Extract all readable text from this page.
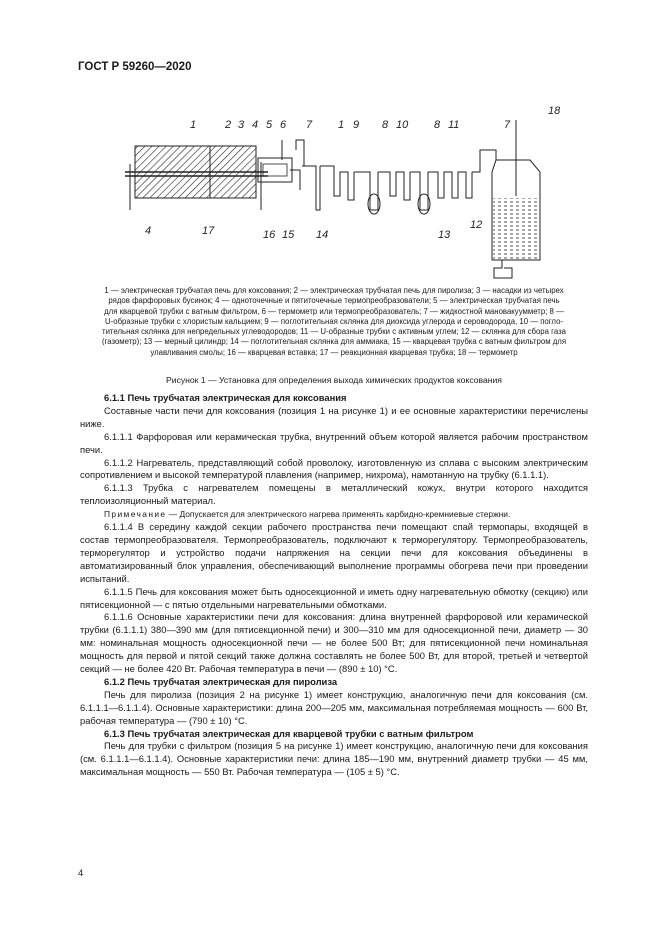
ГОСТ Р 59260—2020
1	2 3 4 5 6 7 1 9 8 10 8 11	7
18
4	17	16 15 14
12
13

1 — электрическая трубчатая печь для коксования; 2 — электрическая трубчатая печь для пиролиза; 3 — насадки из четырех

рядов фарфоровых бусинок; 4 — одноточечные и пятиточечные термопреобразователи; 5 — электрическая трубчатая печь

для кварцевой трубки с ватным фильтром, 6 — термометр или термопреобразователь; 7 — жидкостной мановакуумметр; 8 —

U-образные трубки с хлористым кальцием; 9 — поглотительная склянка для диоксида углерода и сероводорода, 10 — погло-

тительная склянка для непредельных углеводородов; 11 — U-образные трубки с активным углем; 12 — склянка для сбора газа

(газометр); 13 — мерный цилиндр; 14 — поглотительная склянка для аммиака, 15 — кварцевая трубка с ватным фильтром для

улавливания смолы; 16 — кварцевая вставка; 17 — реакционная кварцевая трубка; 18 — термометр

Рисунок 1 — Установка для определения выхода химических продуктов коксования

6.1.1 Печь трубчатая электрическая для коксования

Составные части печи для коксования (позиция 1 на рисунке 1) и ее основные характеристики перечислены ниже.

6.1.1.1 Фарфоровая или керамическая трубка, внутренний объем которой является рабочим пространством печи.

6.1.1.2 Нагреватель, представляющий собой проволоку, изготовленную из сплава с высоким электрическим сопротивлением и высокой температурой плавления (например, нихрома), намотанную на трубку (6.1.1.1).

6.1.1.3 Трубка с нагревателем помещены в металлический кожух, внутри которого находится теплоизоляционный материал.

Примечание — Допускается для электрического нагрева применять карбидно-кремниевые стержни.

6.1.1.4 В середину каждой секции рабочего пространства печи помещают спай термопары, входящей в состав термопреобразователя. Термопреобразователь, подключают к терморегулятору. Термопреобразователь, терморегулятор и устройство подачи напряжения на секции печи для коксования объединены в автоматизированный блок управления, обеспечивающий выполнение программы обогрева печи при проведении испытаний.

6.1.1.5 Печь для коксования может быть односекционной и иметь одну нагревательную обмотку (секцию) или пятисекционной — с пятью отдельными нагревательными обмотками.

6.1.1.6 Основные характеристики печи для коксования: длина внутренней фарфоровой или керамической трубки (6.1.1.1) 380—390 мм (для пятисекционной печи) и 300—310 мм для односекционной печи, диаметр — 30 мм: номинальная мощность односекционной печи — не более 500 Вт; для пятисекционной печи номинальная мощность для первой и пятой секций также должна составлять не более 500 Вт, для второй, третьей и четвертой секций — не более 420 Вт. Рабочая температура в печи — (890 ± 10) °С.

6.1.2 Печь трубчатая электрическая для пиролиза

Печь для пиролиза (позиция 2 на рисунке 1) имеет конструкцию, аналогичную печи для коксования (см. 6.1.1.1—6.1.1.4). Основные характеристики: длина 200—205 мм, максимальная потребляемая мощность — 600 Вт, рабочая температура — (790 ± 10) °С.

6.1.3 Печь трубчатая электрическая для кварцевой трубки с ватным фильтром

Печь для трубки с фильтром (позиция 5 на рисунке 1) имеет конструкцию, аналогичную печи для коксования (см. 6.1.1.1—6.1.1.4). Основные характеристики печи: длина 185—190 мм, внутренний диаметр трубки — 45 мм, максимальная мощность — 550 Вт. Рабочая температура — (105 ± 5) °С.

4
